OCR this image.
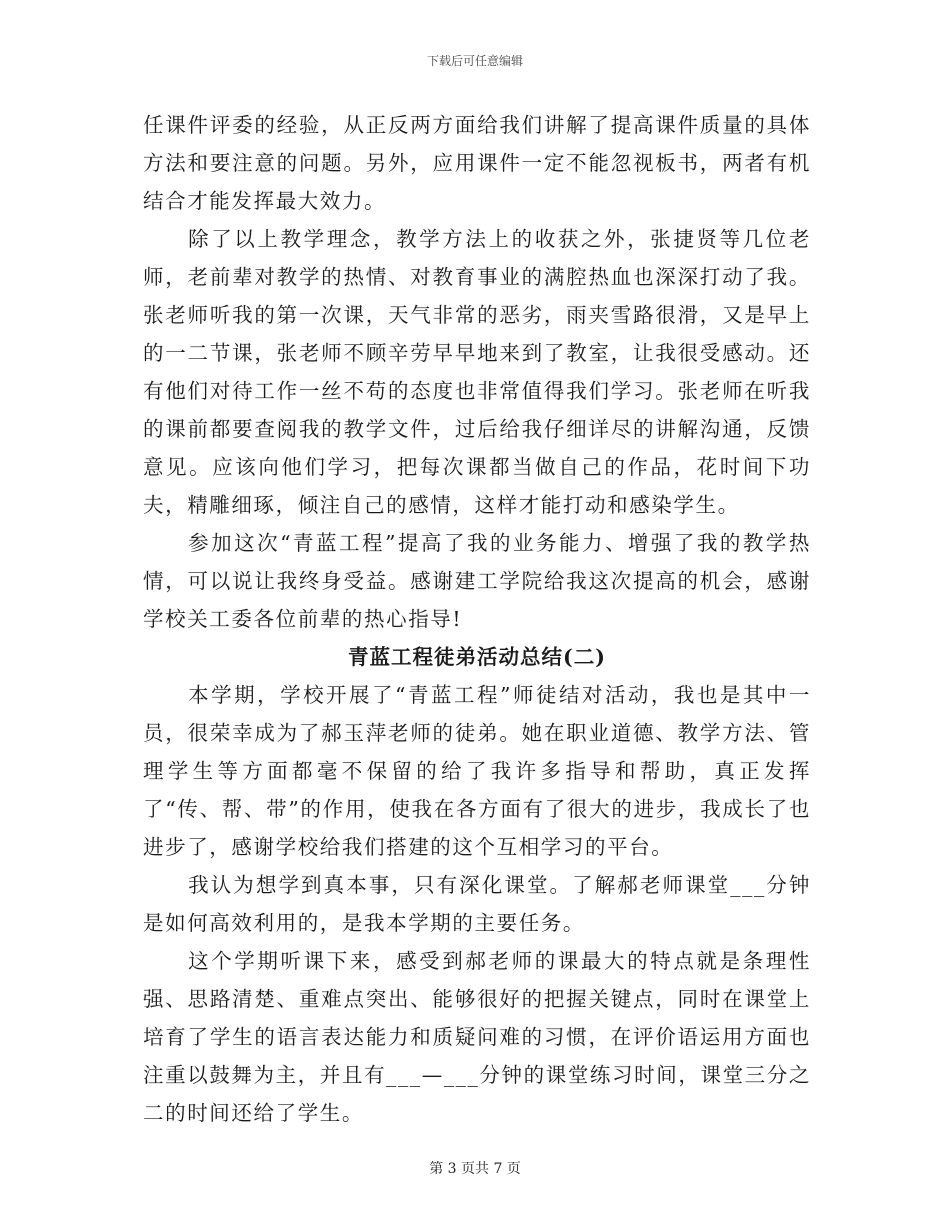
下载后可任意编辑

任课件评委的经验，从正反两方面给我们讲解了提高课件质量的具体方法和要注意的问题。另外，应用课件一定不能忽视板书，两者有机结合才能发挥最大效力。

除了以上教学理念，教学方法上的收获之外，张捷贤等几位老师，老前辈对教学的热情、对教育事业的满腔热血也深深打动了我。张老师听我的第一次课，天气非常的恶劣，雨夹雪路很滑，又是早上的一二节课，张老师不顾辛劳早早地来到了教室，让我很受感动。还有他们对待工作一丝不苟的态度也非常值得我们学习。张老师在听我的课前都要查阅我的教学文件，过后给我仔细详尽的讲解沟通，反馈意见。应该向他们学习，把每次课都当做自己的作品，花时间下功夫，精雕细琢，倾注自己的感情，这样才能打动和感染学生。

参加这次“青蓝工程”提高了我的业务能力、增强了我的教学热情，可以说让我终身受益。感谢建工学院给我这次提高的机会，感谢学校关工委各位前辈的热心指导!

青蓝工程徒弟活动总结(二)

本学期，学校开展了“青蓝工程”师徒结对活动，我也是其中一员，很荣幸成为了郝玉萍老师的徒弟。她在职业道德、教学方法、管理学生等方面都毫不保留的给了我许多指导和帮助，真正发挥了“传、帮、带”的作用，使我在各方面有了很大的进步，我成长了也进步了，感谢学校给我们搭建的这个互相学习的平台。

我认为想学到真本事，只有深化课堂。了解郝老师课堂___分钟是如何高效利用的，是我本学期的主要任务。

这个学期听课下来，感受到郝老师的课最大的特点就是条理性强、思路清楚、重难点突出、能够很好的把握关键点，同时在课堂上培育了学生的语言表达能力和质疑问难的习惯，在评价语运用方面也注重以鼓舞为主，并且有___—___分钟的课堂练习时间，课堂三分之二的时间还给了学生。

第 3 页共 7 页
